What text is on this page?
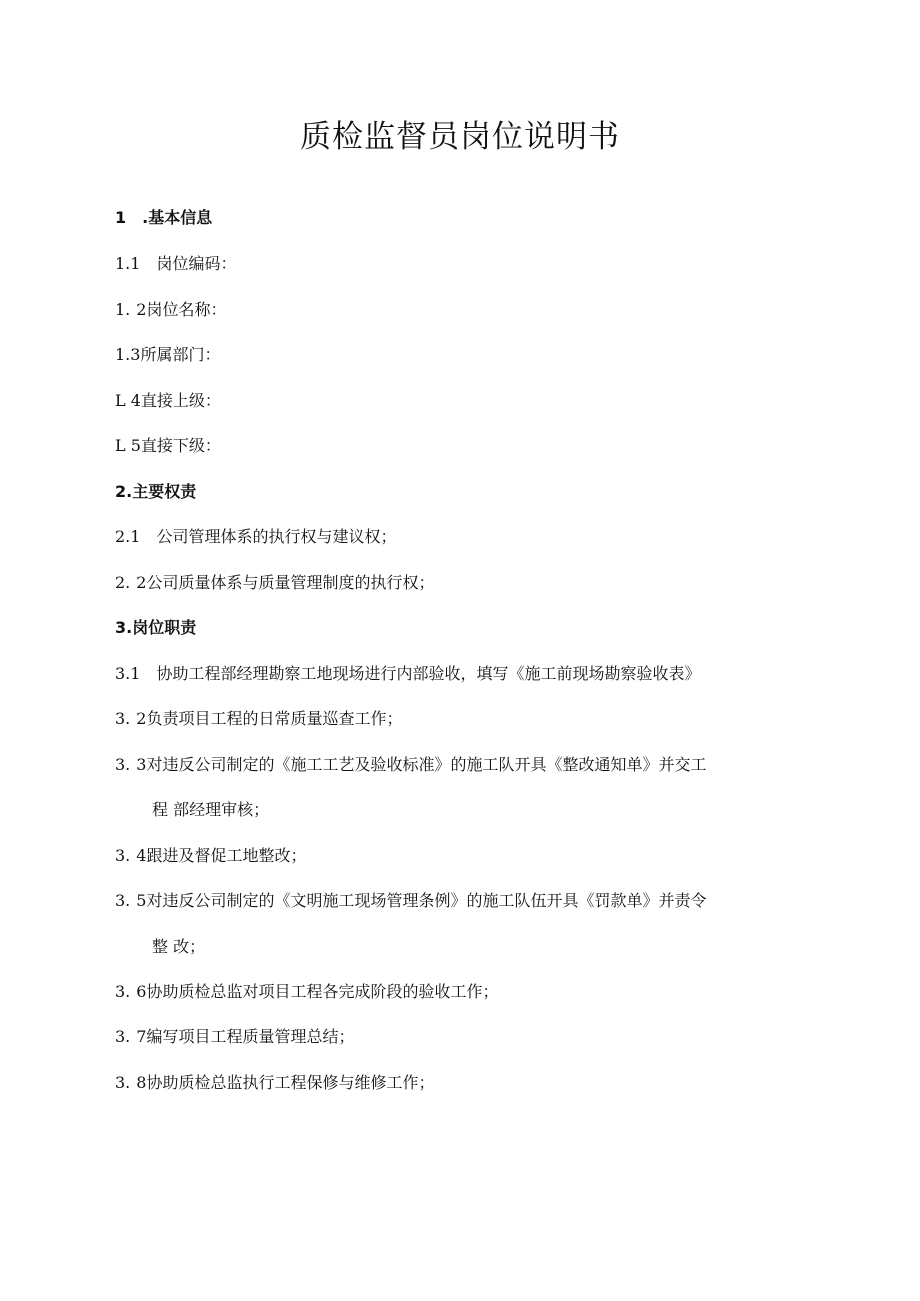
质检监督员岗位说明书

1 .基本信息

1.1 岗位编码：

1. 2岗位名称：

1.3所属部门：

L 4直接上级：

L 5直接下级：

2.主要权责

2.1 公司管理体系的执行权与建议权；

2. 2公司质量体系与质量管理制度的执行权；

3.岗位职责

3.1 协助工程部经理勘察工地现场进行内部验收，填写《施工前现场勘察验收表》

3. 2负责项目工程的日常质量巡查工作；

3. 3对违反公司制定的《施工工艺及验收标准》的施工队开具《整改通知单》并交工

程 部经理审核；

3. 4跟进及督促工地整改；

3. 5对违反公司制定的《文明施工现场管理条例》的施工队伍开具《罚款单》并责令

整 改；

3. 6协助质检总监对项目工程各完成阶段的验收工作；

3. 7编写项目工程质量管理总结；

3. 8协助质检总监执行工程保修与维修工作；
